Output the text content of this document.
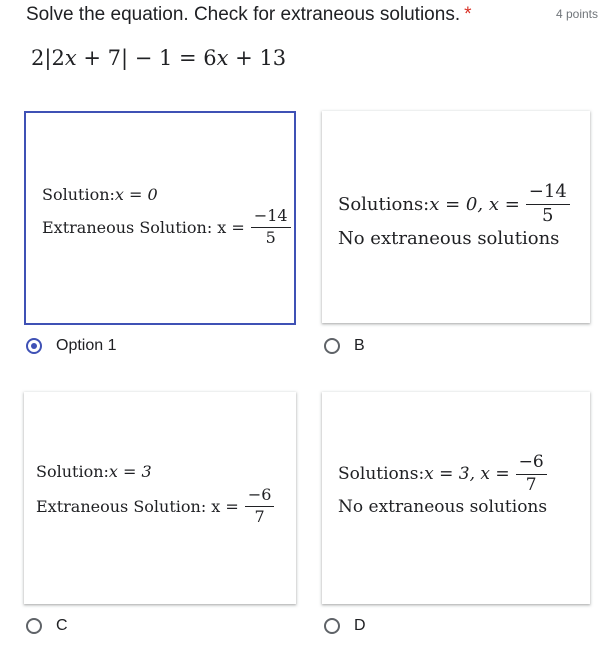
Solve the equation. Check for extraneous solutions. *	4 points
2|2x + 7| − 1 = 6x + 13
Solution: x = 0
Extraneous Solution: $x = \frac{-14}{5}$
Option 1
Solutions: x = 0, $x = \frac{-14}{5}$
No extraneous solutions
B
Solution: x = 3
Extraneous Solution: $x = \frac{-6}{7}$
C
Solutions: x = 3, $x = \frac{-6}{7}$
No extraneous solutions
D
